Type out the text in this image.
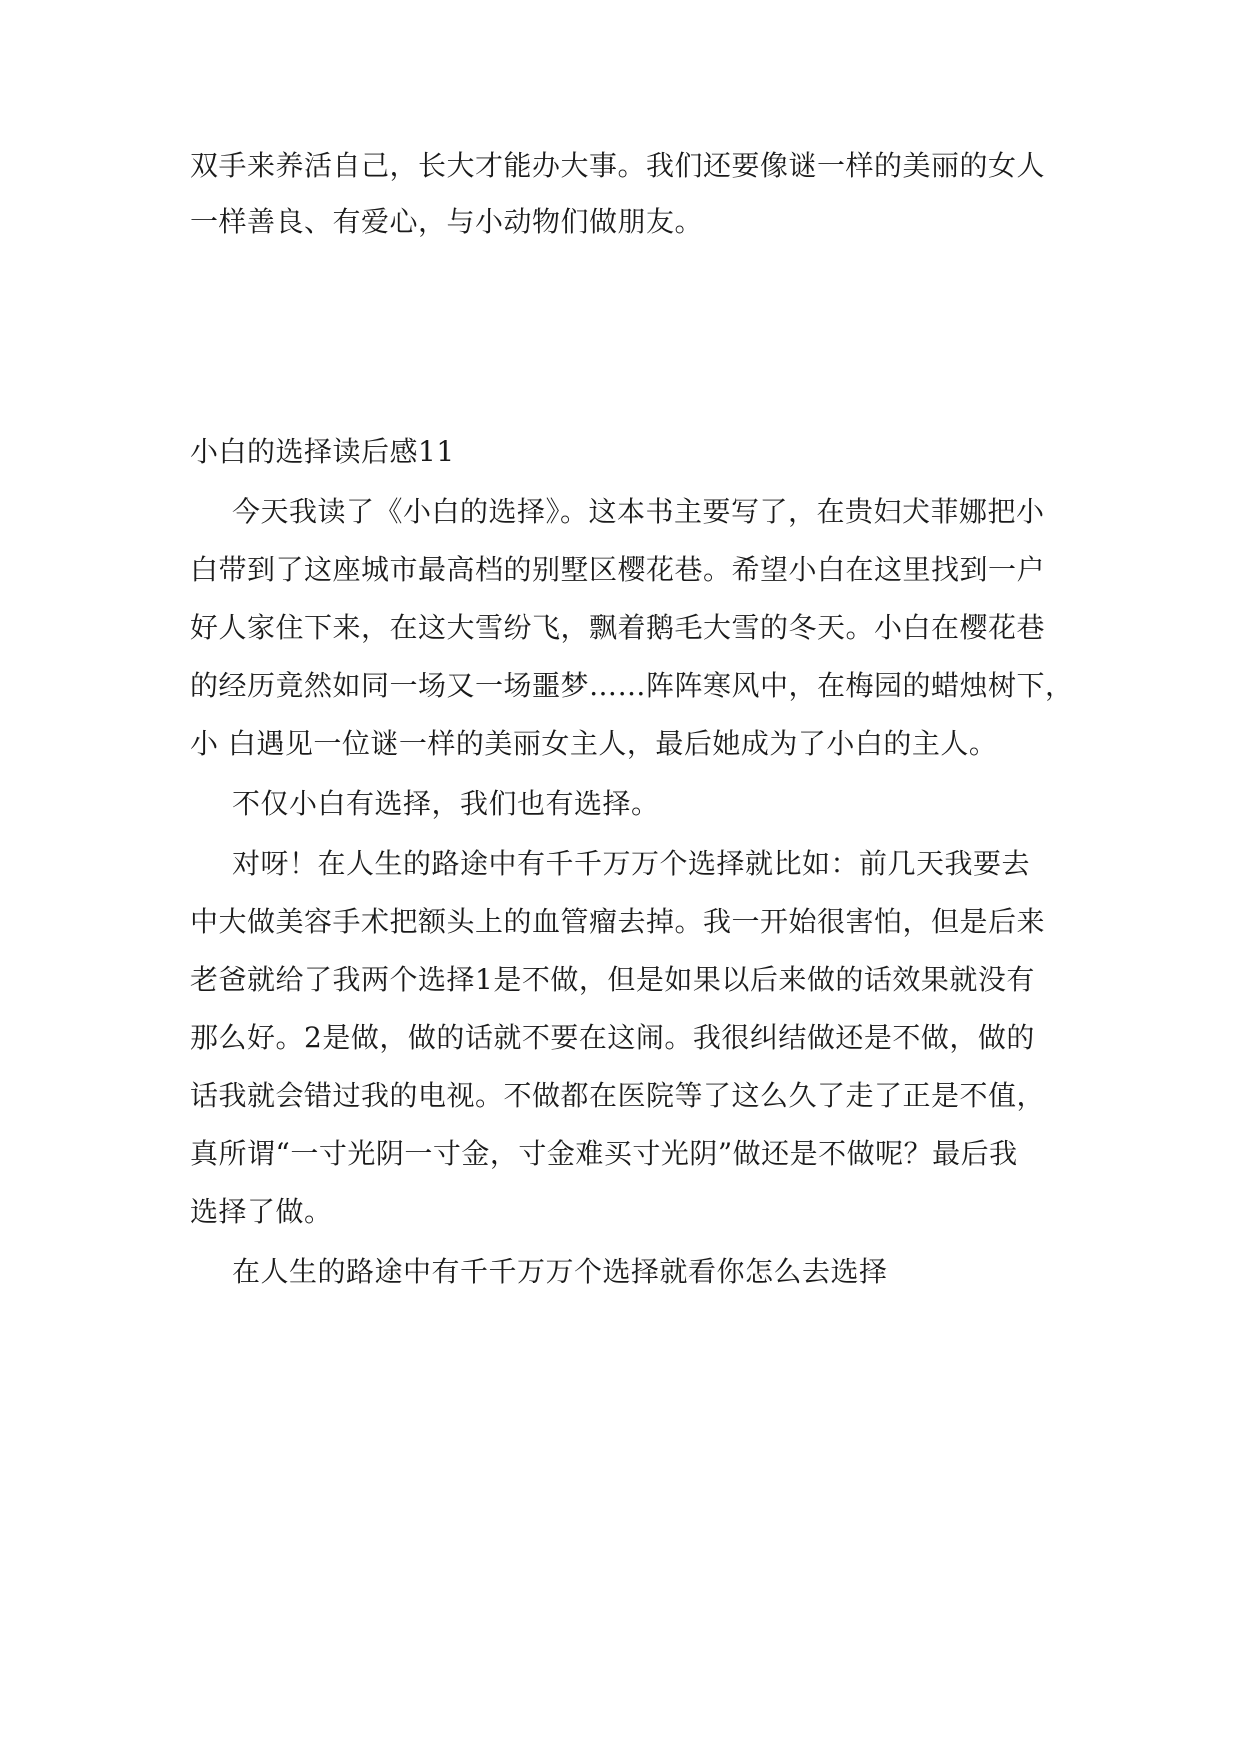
双手来养活自己，长大才能办大事。我们还要像谜一样的美丽的女人
一样善良、有爱心，与小动物们做朋友。
小白的选择读后感11
今天我读了《小白的选择》。这本书主要写了，在贵妇犬菲娜把小
白带到了这座城市最高档的别墅区樱花巷。希望小白在这里找到一户
好人家住下来，在这大雪纷飞，飘着鹅毛大雪的冬天。小白在樱花巷
的经历竟然如同一场又一场噩梦……阵阵寒风中，在梅园的蜡烛树下，
小 白遇见一位谜一样的美丽女主人，最后她成为了小白的主人。
不仅小白有选择，我们也有选择。
对呀！在人生的路途中有千千万万个选择就比如：前几天我要去
中大做美容手术把额头上的血管瘤去掉。我一开始很害怕，但是后来
老爸就给了我两个选择1是不做，但是如果以后来做的话效果就没有
那么好。2是做，做的话就不要在这闹。我很纠结做还是不做，做的
话我就会错过我的电视。不做都在医院等了这么久了走了正是不值，
真所谓“一寸光阴一寸金，寸金难买寸光阴”做还是不做呢？最后我
选择了做。
在人生的路途中有千千万万个选择就看你怎么去选择
